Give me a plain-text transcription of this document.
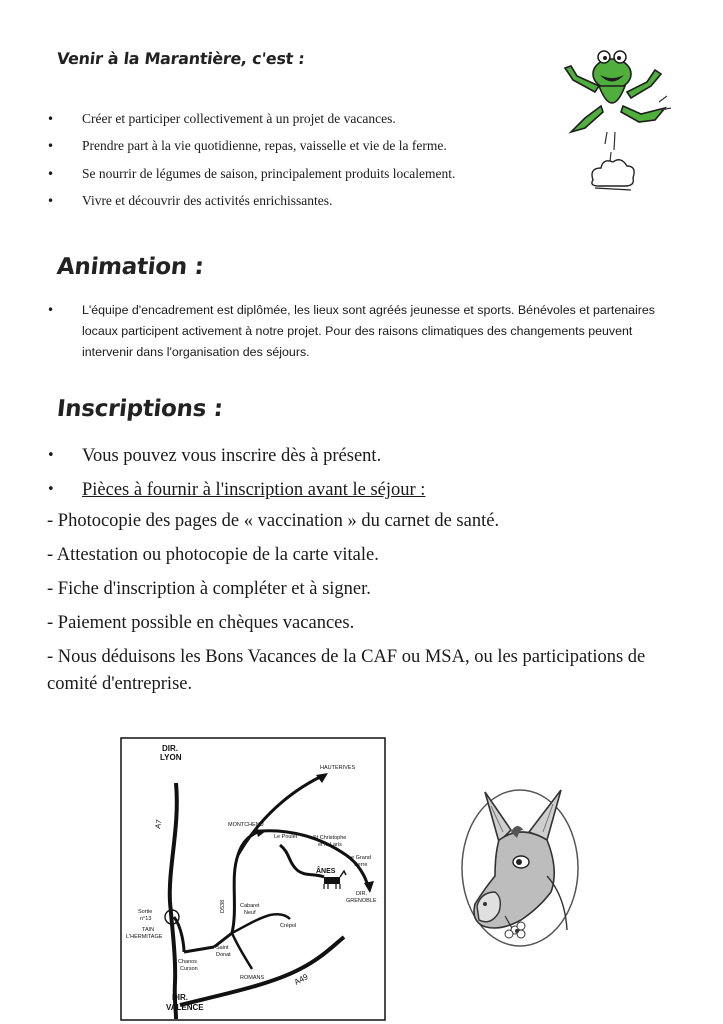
Venir à la Marantière, c'est :
• Créer et participer collectivement à un projet de vacances.
• Prendre part à la vie quotidienne, repas, vaisselle et vie de la ferme.
• Se nourrir de légumes de saison, principalement produits localement.
• Vivre et découvrir des activités enrichissantes.
Animation :
• L'équipe d'encadrement est diplômée, les lieux sont agréés jeunesse et sports. Bénévoles et partenaires locaux participent activement à notre projet. Pour des raisons climatiques des changements peuvent intervenir dans l'organisation des séjours.
Inscriptions :
• Vous pouvez vous inscrire dès à présent.
• Pièces à fournir à l'inscription avant le séjour :
- Photocopie des pages de « vaccination » du carnet de santé.
- Attestation ou photocopie de la carte vitale.
- Fiche d'inscription à compléter et à signer.
- Paiement possible en chèques vacances.
- Nous déduisons les Bons Vacances de la CAF ou MSA, ou les participations de comité d'entreprise.
DIR.
LYON
A7
HAUTERIVES
MONTCHENU
Le Poulet	St Christophe
et le Laris
Le Grand
Serre
ÂNES
DIR.
GRENOBLE
D538	Cabaret
Neuf
Crépol
Sortie
n°13
TAIN
L'HERMITAGE
Saint
Donat
Chanos
Curson
ROMANS	A49
DIR.
VALENCE
